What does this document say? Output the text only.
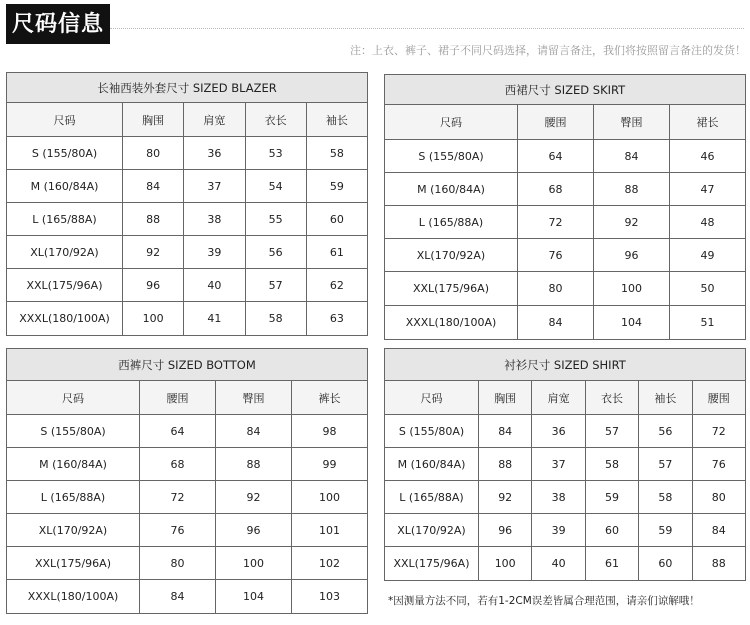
尺码信息
注：上衣、裤子、裙子不同尺码选择，请留言备注，我们将按照留言备注的发货！
长袖西装外套尺寸 SIZED BLAZER				
尺码	胸围	肩宽	衣长	袖长
S (155/80A)	80	36	53	58
M (160/84A)	84	37	54	59
L (165/88A)	88	38	55	60
XL(170/92A)	92	39	56	61
XXL(175/96A)	96	40	57	62
XXXL(180/100A)	100	41	58	63
西裙尺寸 SIZED SKIRT			
尺码	腰围	臀围	裙长
S (155/80A)	64	84	46
M (160/84A)	68	88	47
L (165/88A)	72	92	48
XL(170/92A)	76	96	49
XXL(175/96A)	80	100	50
XXXL(180/100A)	84	104	51
西裤尺寸 SIZED BOTTOM			
尺码	腰围	臀围	裤长
S (155/80A)	64	84	98
M (160/84A)	68	88	99
L (165/88A)	72	92	100
XL(170/92A)	76	96	101
XXL(175/96A)	80	100	102
XXXL(180/100A)	84	104	103
衬衫尺寸 SIZED SHIRT					
尺码	胸围	肩宽	衣长	袖长	腰围
S (155/80A)	84	36	57	56	72
M (160/84A)	88	37	58	57	76
L (165/88A)	92	38	59	58	80
XL(170/92A)	96	39	60	59	84
XXL(175/96A)	100	40	61	60	88
*因测量方法不同，若有1-2CM误差皆属合理范围，请亲们谅解哦！
